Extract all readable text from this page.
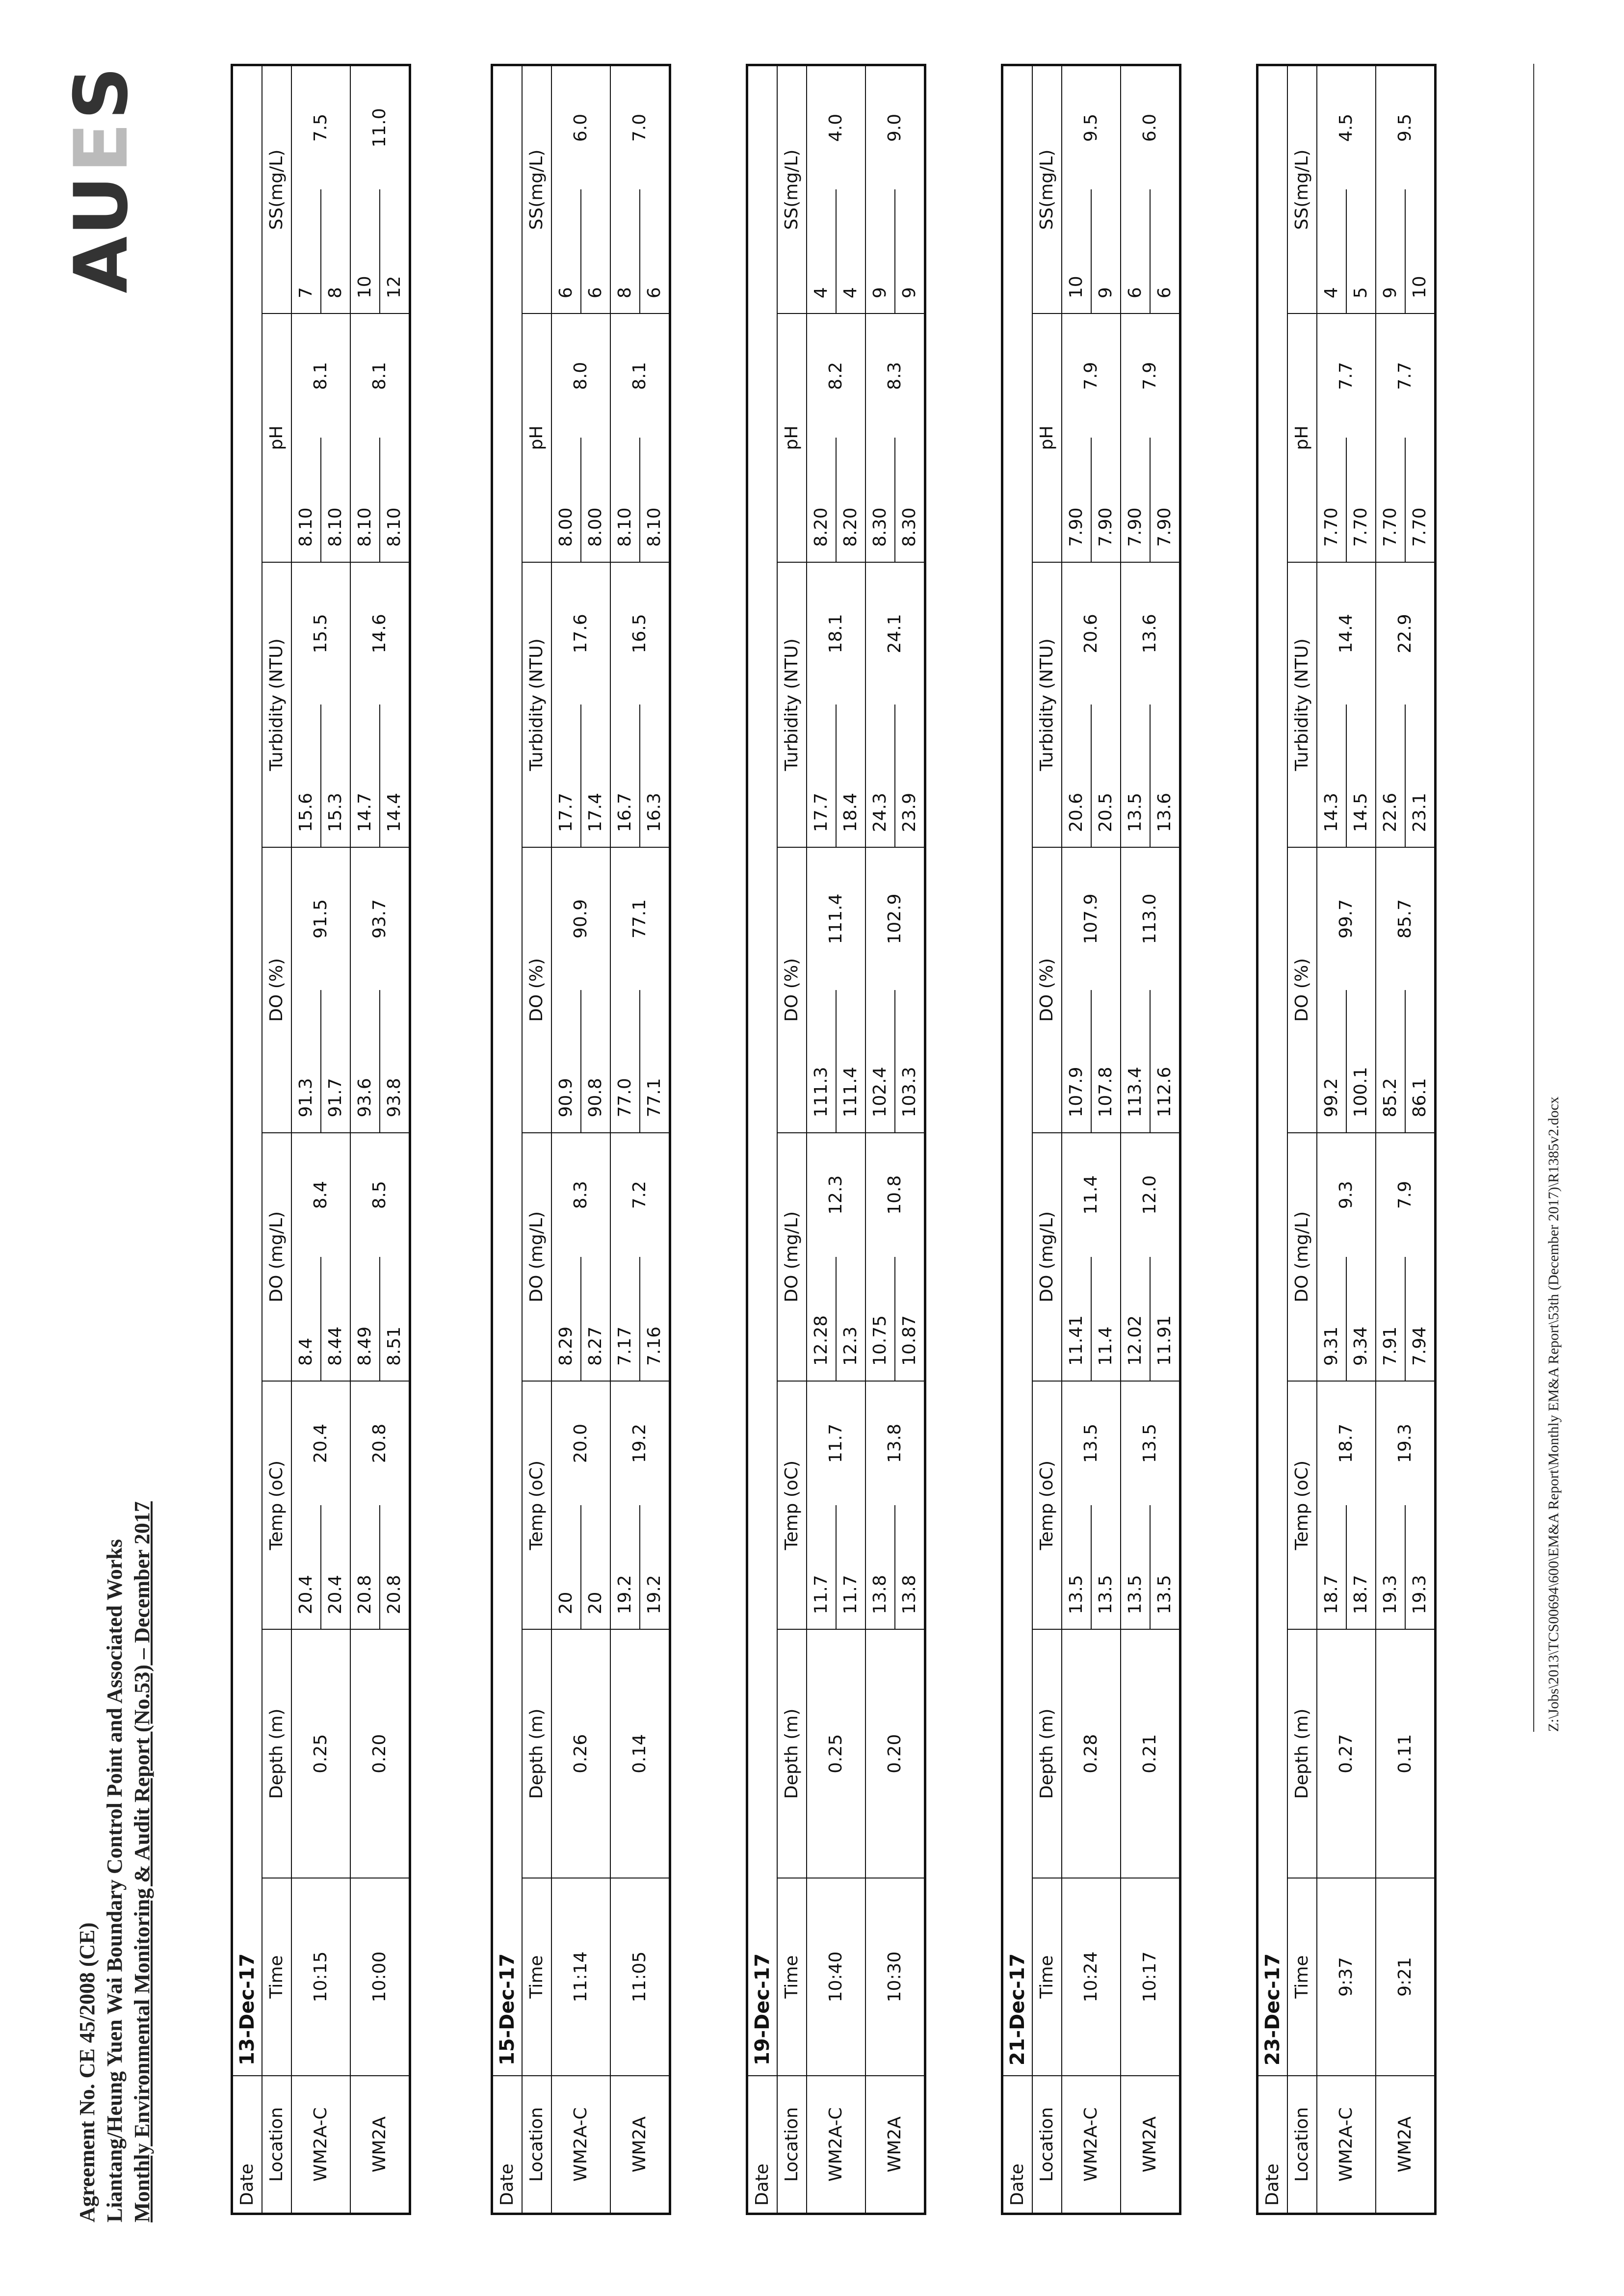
Agreement No. CE 45/2008 (CE) Liantang/Heung Yuen Wai Boundary Control Point and Associated Works Monthly Environmental Monitoring & Audit Report (No.53) – December 2017
AUES
Date	13-Dec-17													
Location	Time	Depth (m)	Temp (oC)		DO (mg/L)		DO (%)		Turbidity (NTU)		pH		SS(mg/L)	
WM2A-C	10:15	0.25	20.4	20.4	8.4	8.4	91.3	91.5	15.6	15.5	8.10	8.1	7	7.5
			20.4		8.44		91.7		15.3		8.10		8	
WM2A	10:00	0.20	20.8	20.8	8.49	8.5	93.6	93.7	14.7	14.6	8.10	8.1	10	11.0
			20.8		8.51		93.8		14.4		8.10		12	
Date	15-Dec-17													
Location	Time	Depth (m)	Temp (oC)		DO (mg/L)		DO (%)		Turbidity (NTU)		pH		SS(mg/L)	
WM2A-C	11:14	0.26	20	20.0	8.29	8.3	90.9	90.9	17.7	17.6	8.00	8.0	6	6.0
			20		8.27		90.8		17.4		8.00		6	
WM2A	11:05	0.14	19.2	19.2	7.17	7.2	77.0	77.1	16.7	16.5	8.10	8.1	8	7.0
			19.2		7.16		77.1		16.3		8.10		6	
Date	19-Dec-17													
Location	Time	Depth (m)	Temp (oC)		DO (mg/L)		DO (%)		Turbidity (NTU)		pH		SS(mg/L)	
WM2A-C	10:40	0.25	11.7	11.7	12.28	12.3	111.3	111.4	17.7	18.1	8.20	8.2	4	4.0
			11.7		12.3		111.4		18.4		8.20		4	
WM2A	10:30	0.20	13.8	13.8	10.75	10.8	102.4	102.9	24.3	24.1	8.30	8.3	9	9.0
			13.8		10.87		103.3		23.9		8.30		9	
Date	21-Dec-17													
Location	Time	Depth (m)	Temp (oC)		DO (mg/L)		DO (%)		Turbidity (NTU)		pH		SS(mg/L)	
WM2A-C	10:24	0.28	13.5	13.5	11.41	11.4	107.9	107.9	20.6	20.6	7.90	7.9	10	9.5
			13.5		11.4		107.8		20.5		7.90		9	
WM2A	10:17	0.21	13.5	13.5	12.02	12.0	113.4	113.0	13.5	13.6	7.90	7.9	6	6.0
			13.5		11.91		112.6		13.6		7.90		6	
Date	23-Dec-17													
Location	Time	Depth (m)	Temp (oC)		DO (mg/L)		DO (%)		Turbidity (NTU)		pH		SS(mg/L)	
WM2A-C	9:37	0.27	18.7	18.7	9.31	9.3	99.2	99.7	14.3	14.4	7.70	7.7	4	4.5
			18.7		9.34		100.1		14.5		7.70		5	
WM2A	9:21	0.11	19.3	19.3	7.91	7.9	85.2	85.7	22.6	22.9	7.70	7.7	9	9.5
			19.3		7.94		86.1		23.1		7.70		10	
Z:\Jobs\2013\TCS00694\600\EM&A Report\Monthly EM&A Report\53th (December 2017)\R1385v2.docx
